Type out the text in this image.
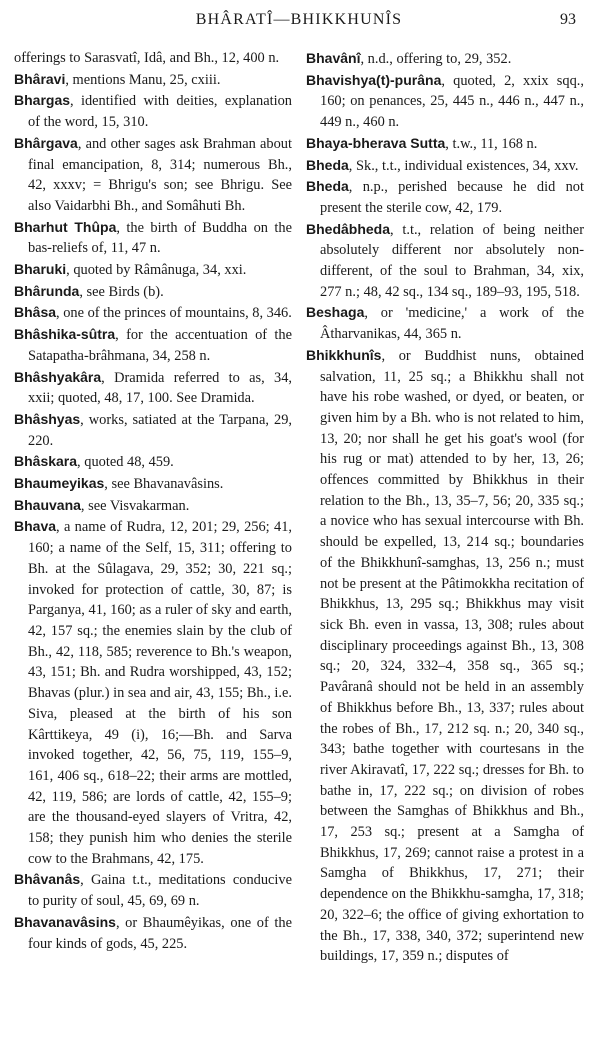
BHÂRATÎ—BHIKKHUNÎS	93

offerings to Sarasvatî, Idâ, and Bh., 12, 400 n.

Bhâravi, mentions Manu, 25, cxiii.

Bhargas, identified with deities, explanation of the word, 15, 310.

Bhârgava, and other sages ask Brahman about final emancipation, 8, 314; numerous Bh., 42, xxxv; = Bhrigu's son; see Bhrigu. See also Vaidarbhi Bh., and Somâhuti Bh.

Bharhut Thûpa, the birth of Buddha on the bas-reliefs of, 11, 47 n.

Bharuki, quoted by Râmânuga, 34, xxi.

Bhârunda, see Birds (b).

Bhâsa, one of the princes of mountains, 8, 346.

Bhâshika-sûtra, for the accentuation of the Satapatha-brâhmana, 34, 258 n.

Bhâshyakâra, Dramida referred to as, 34, xxii; quoted, 48, 17, 100. See Dramida.

Bhâshyas, works, satiated at the Tarpana, 29, 220.

Bhâskara, quoted 48, 459.

Bhaumeyikas, see Bhavanavâsins.

Bhauvana, see Visvakarman.

Bhava, a name of Rudra, 12, 201; 29, 256; 41, 160; a name of the Self, 15, 311; offering to Bh. at the Sûlagava, 29, 352; 30, 221 sq.; invoked for protection of cattle, 30, 87; is Parganya, 41, 160; as a ruler of sky and earth, 42, 157 sq.; the enemies slain by the club of Bh., 42, 118, 585; reverence to Bh.'s weapon, 43, 151; Bh. and Rudra worshipped, 43, 152; Bhavas (plur.) in sea and air, 43, 155; Bh., i.e. Siva, pleased at the birth of his son Kârttikeya, 49 (i), 16;—Bh. and Sarva invoked together, 42, 56, 75, 119, 155–9, 161, 406 sq., 618–22; their arms are mottled, 42, 119, 586; are lords of cattle, 42, 155–9; are the thousand-eyed slayers of Vritra, 42, 158; they punish him who denies the sterile cow to the Brahmans, 42, 175.

Bhâvanâs, Gaina t.t., meditations conducive to purity of soul, 45, 69, 69 n.

Bhavanavâsins, or Bhaumêyikas, one of the four kinds of gods, 45, 225.

Bhavânî, n.d., offering to, 29, 352.

Bhavishya(t)-purâna, quoted, 2, xxix sqq., 160; on penances, 25, 445 n., 446 n., 447 n., 449 n., 460 n.

Bhaya-bherava Sutta, t.w., 11, 168 n.

Bheda, Sk., t.t., individual existences, 34, xxv.

Bheda, n.p., perished because he did not present the sterile cow, 42, 179.

Bhedâbheda, t.t., relation of being neither absolutely different nor absolutely non-different, of the soul to Brahman, 34, xix, 277 n.; 48, 42 sq., 134 sq., 189–93, 195, 518.

Beshaga, or 'medicine,' a work of the Âtharvanikas, 44, 365 n.

Bhikkhunîs, or Buddhist nuns, obtained salvation, 11, 25 sq.; a Bhikkhu shall not have his robe washed, or dyed, or beaten, or given him by a Bh. who is not related to him, 13, 20; nor shall he get his goat's wool (for his rug or mat) attended to by her, 13, 26; offences committed by Bhikkhus in their relation to the Bh., 13, 35–7, 56; 20, 335 sq.; a novice who has sexual intercourse with Bh. should be expelled, 13, 214 sq.; boundaries of the Bhikkhunî-samghas, 13, 256 n.; must not be present at the Pâtimokkha recitation of Bhikkhus, 13, 295 sq.; Bhikkhus may visit sick Bh. even in vassa, 13, 308; rules about disciplinary proceedings against Bh., 13, 308 sq.; 20, 324, 332–4, 358 sq., 365 sq.; Pavâranâ should not be held in an assembly of Bhikkhus before Bh., 13, 337; rules about the robes of Bh., 17, 212 sq. n.; 20, 340 sq., 343; bathe together with courtesans in the river Akiravatî, 17, 222 sq.; dresses for Bh. to bathe in, 17, 222 sq.; on division of robes between the Samghas of Bhikkhus and Bh., 17, 253 sq.; present at a Samgha of Bhikkhus, 17, 269; cannot raise a protest in a Samgha of Bhikkhus, 17, 271; their dependence on the Bhikkhu-samgha, 17, 318; 20, 322–6; the office of giving exhortation to the Bh., 17, 338, 340, 372; superintend new buildings, 17, 359 n.; disputes of
